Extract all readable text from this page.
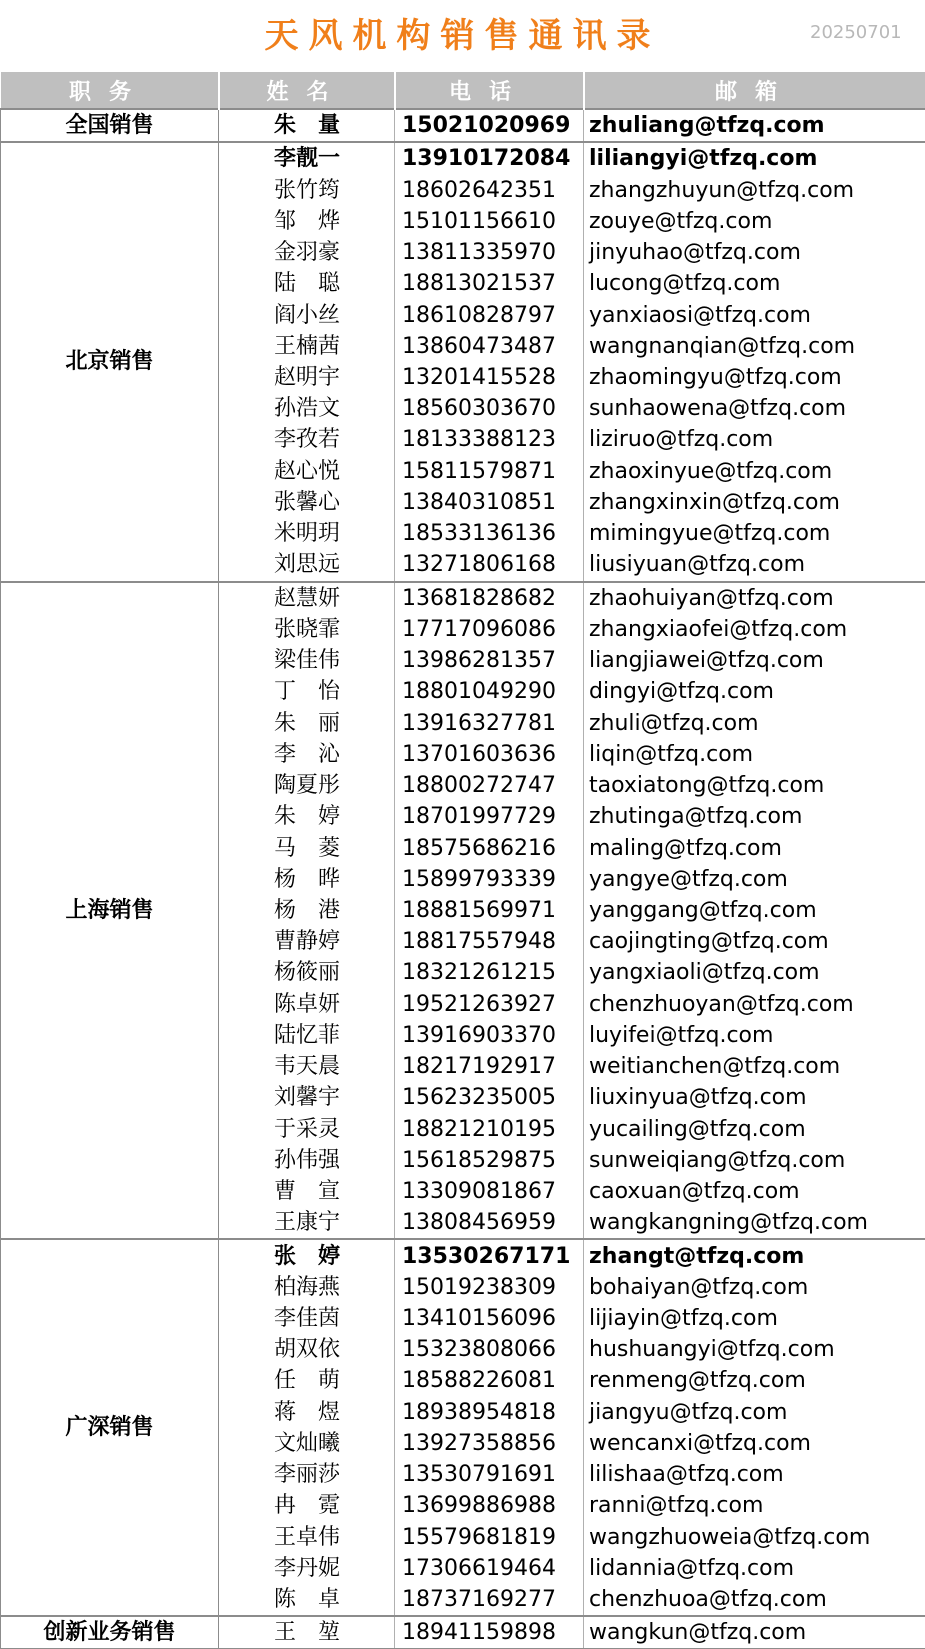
天风机构销售通讯录	20250701
职务	姓名	电话	邮箱
全国销售	朱　量	15021020969	zhuliang@tfzq.com
北京销售	李靓一	13910172084	liliangyi@tfzq.com
	张竹筠	18602642351	zhangzhuyun@tfzq.com
	邹　烨	15101156610	zouye@tfzq.com
	金羽豪	13811335970	jinyuhao@tfzq.com
	陆　聪	18813021537	lucong@tfzq.com
	阎小丝	18610828797	yanxiaosi@tfzq.com
	王楠茜	13860473487	wangnanqian@tfzq.com
	赵明宇	13201415528	zhaomingyu@tfzq.com
	孙浩文	18560303670	sunhaowena@tfzq.com
	李孜若	18133388123	liziruo@tfzq.com
	赵心悦	15811579871	zhaoxinyue@tfzq.com
	张馨心	13840310851	zhangxinxin@tfzq.com
	米明玥	18533136136	mimingyue@tfzq.com
	刘思远	13271806168	liusiyuan@tfzq.com
上海销售	赵慧妍	13681828682	zhaohuiyan@tfzq.com
	张晓霏	17717096086	zhangxiaofei@tfzq.com
	梁佳伟	13986281357	liangjiawei@tfzq.com
	丁　怡	18801049290	dingyi@tfzq.com
	朱　丽	13916327781	zhuli@tfzq.com
	李　沁	13701603636	liqin@tfzq.com
	陶夏彤	18800272747	taoxiatong@tfzq.com
	朱　婷	18701997729	zhutinga@tfzq.com
	马　菱	18575686216	maling@tfzq.com
	杨　晔	15899793339	yangye@tfzq.com
	杨　港	18881569971	yanggang@tfzq.com
	曹静婷	18817557948	caojingting@tfzq.com
	杨筱丽	18321261215	yangxiaoli@tfzq.com
	陈卓妍	19521263927	chenzhuoyan@tfzq.com
	陆忆菲	13916903370	luyifei@tfzq.com
	韦天晨	18217192917	weitianchen@tfzq.com
	刘馨宇	15623235005	liuxinyua@tfzq.com
	于采灵	18821210195	yucailing@tfzq.com
	孙伟强	15618529875	sunweiqiang@tfzq.com
	曹　宣	13309081867	caoxuan@tfzq.com
	王康宁	13808456959	wangkangning@tfzq.com
广深销售	张　婷	13530267171	zhangt@tfzq.com
	柏海燕	15019238309	bohaiyan@tfzq.com
	李佳茵	13410156096	lijiayin@tfzq.com
	胡双依	15323808066	hushuangyi@tfzq.com
	任　萌	18588226081	renmeng@tfzq.com
	蒋　煜	18938954818	jiangyu@tfzq.com
	文灿曦	13927358856	wencanxi@tfzq.com
	李丽莎	13530791691	lilishaa@tfzq.com
	冉　霓	13699886988	ranni@tfzq.com
	王卓伟	15579681819	wangzhuoweia@tfzq.com
	李丹妮	17306619464	lidannia@tfzq.com
	陈　卓	18737169277	chenzhuoa@tfzq.com
创新业务销售	王　堃	18941159898	wangkun@tfzq.com
